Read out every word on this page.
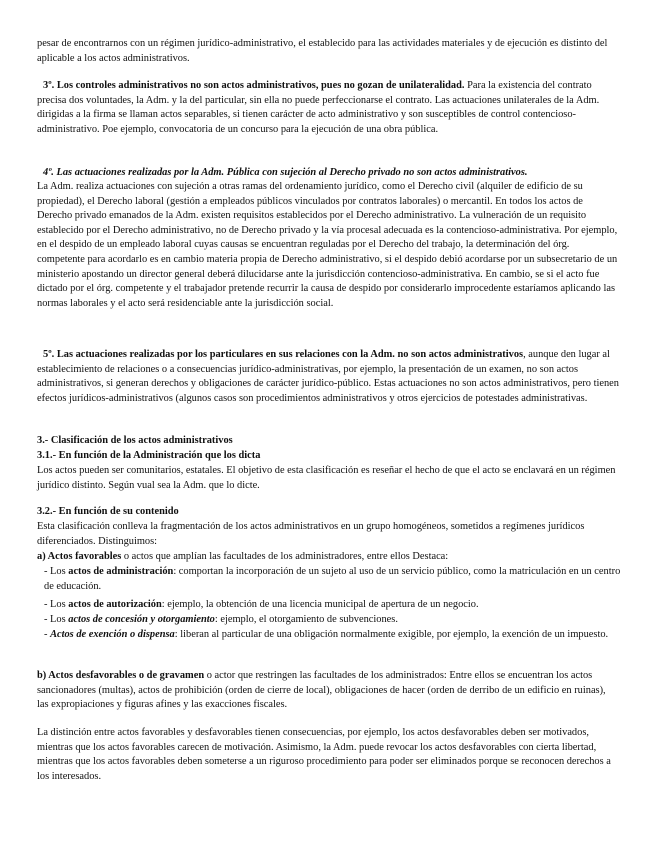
pesar de encontrarnos con un régimen jurídico-administrativo, el establecido para las actividades materiales y de ejecución es distinto del aplicable a los actos administrativos.

3º. Los controles administrativos no son actos administrativos, pues no gozan de unilateralidad. Para la existencia del contrato precisa dos voluntades, la Adm. y la del particular, sin ella no puede perfeccionarse el contrato. Las actuaciones unilaterales de la Adm. dirigidas a la firma se llaman actos separables, si tienen carácter de acto administrativo y son susceptibles de control contencioso-administrativo. Poe ejemplo, convocatoria de un concurso para la ejecución de una obra pública.

4º. Las actuaciones realizadas por la Adm. Pública con sujeción al Derecho privado no son actos administrativos.

La Adm. realiza actuaciones con sujeción a otras ramas del ordenamiento jurídico, como el Derecho civil (alquiler de edificio de su propiedad), el Derecho laboral (gestión a empleados públicos vinculados por contratos laborales) o mercantil. En todos los actos de Derecho privado emanados de la Adm. existen requisitos establecidos por el Derecho administrativo. La vulneración de un requisito establecido por el Derecho administrativo, no de Derecho privado y la vía procesal adecuada es la contencioso-administrativa. Por ejemplo, en el despido de un empleado laboral cuyas causas se encuentran reguladas por el Derecho del trabajo, la determinación del órg. competente para acordarlo es en cambio materia propia de Derecho administrativo, si el despido debió acordarse por un subsecretario de un ministerio apostando un director general deberá dilucidarse ante la jurisdicción contencioso-administrativa. En cambio, se si el acto fue dictado por el órg. competente y el trabajador pretende recurrir la causa de despido por considerarlo improcedente estaríamos aplicando las normas laborales y el acto será residenciable ante la jurisdicción social.

5º. Las actuaciones realizadas por los particulares en sus relaciones con la Adm. no son actos administrativos, aunque den lugar al establecimiento de relaciones o a consecuencias jurídico-administrativas, por ejemplo, la presentación de un examen, no son actos administrativos, si generan derechos y obligaciones de carácter jurídico-público. Estas actuaciones no son actos administrativos, pero tienen efectos jurídicos-administrativos (algunos casos son procedimientos administrativos y otros ejercicios de potestades administrativas.

3.- Clasificación de los actos administrativos

3.1.- En función de la Administración que los dicta

Los actos pueden ser comunitarios, estatales. El objetivo de esta clasificación es reseñar el hecho de que el acto se enclavará en un régimen jurídico distinto. Según vual sea la Adm. que lo dicte.

3.2.- En función de su contenido

Esta clasificación conlleva la fragmentación de los actos administrativos en un grupo homogéneos, sometidos a regímenes jurídicos diferenciados. Distinguimos:

a) Actos favorables o actos que amplían las facultades de los administradores, entre ellos Destaca:

- Los actos de administración: comportan la incorporación de un sujeto al uso de un servicio público, como la matriculación en un centro de educación.

- Los actos de autorización: ejemplo, la obtención de una licencia municipal de apertura de un negocio.

- Los actos de concesión y otorgamiento: ejemplo, el otorgamiento de subvenciones.

- Actos de exención o dispensa: liberan al particular de una obligación normalmente exigible, por ejemplo, la exención de un impuesto.

b) Actos desfavorables o de gravamen o actor que restringen las facultades de los administrados: Entre ellos se encuentran los actos sancionadores (multas), actos de prohibición (orden de cierre de local), obligaciones de hacer (orden de derribo de un edificio en ruinas), las expropiaciones y figuras afines y las exacciones fiscales.

La distinción entre actos favorables y desfavorables tienen consecuencias, por ejemplo, los actos desfavorables deben ser motivados, mientras que los actos favorables carecen de motivación. Asimismo, la Adm. puede revocar los actos desfavorables con cierta libertad, mientras que los actos favorables deben someterse a un riguroso procedimiento para poder ser eliminados porque se reconocen derechos a los interesados.
